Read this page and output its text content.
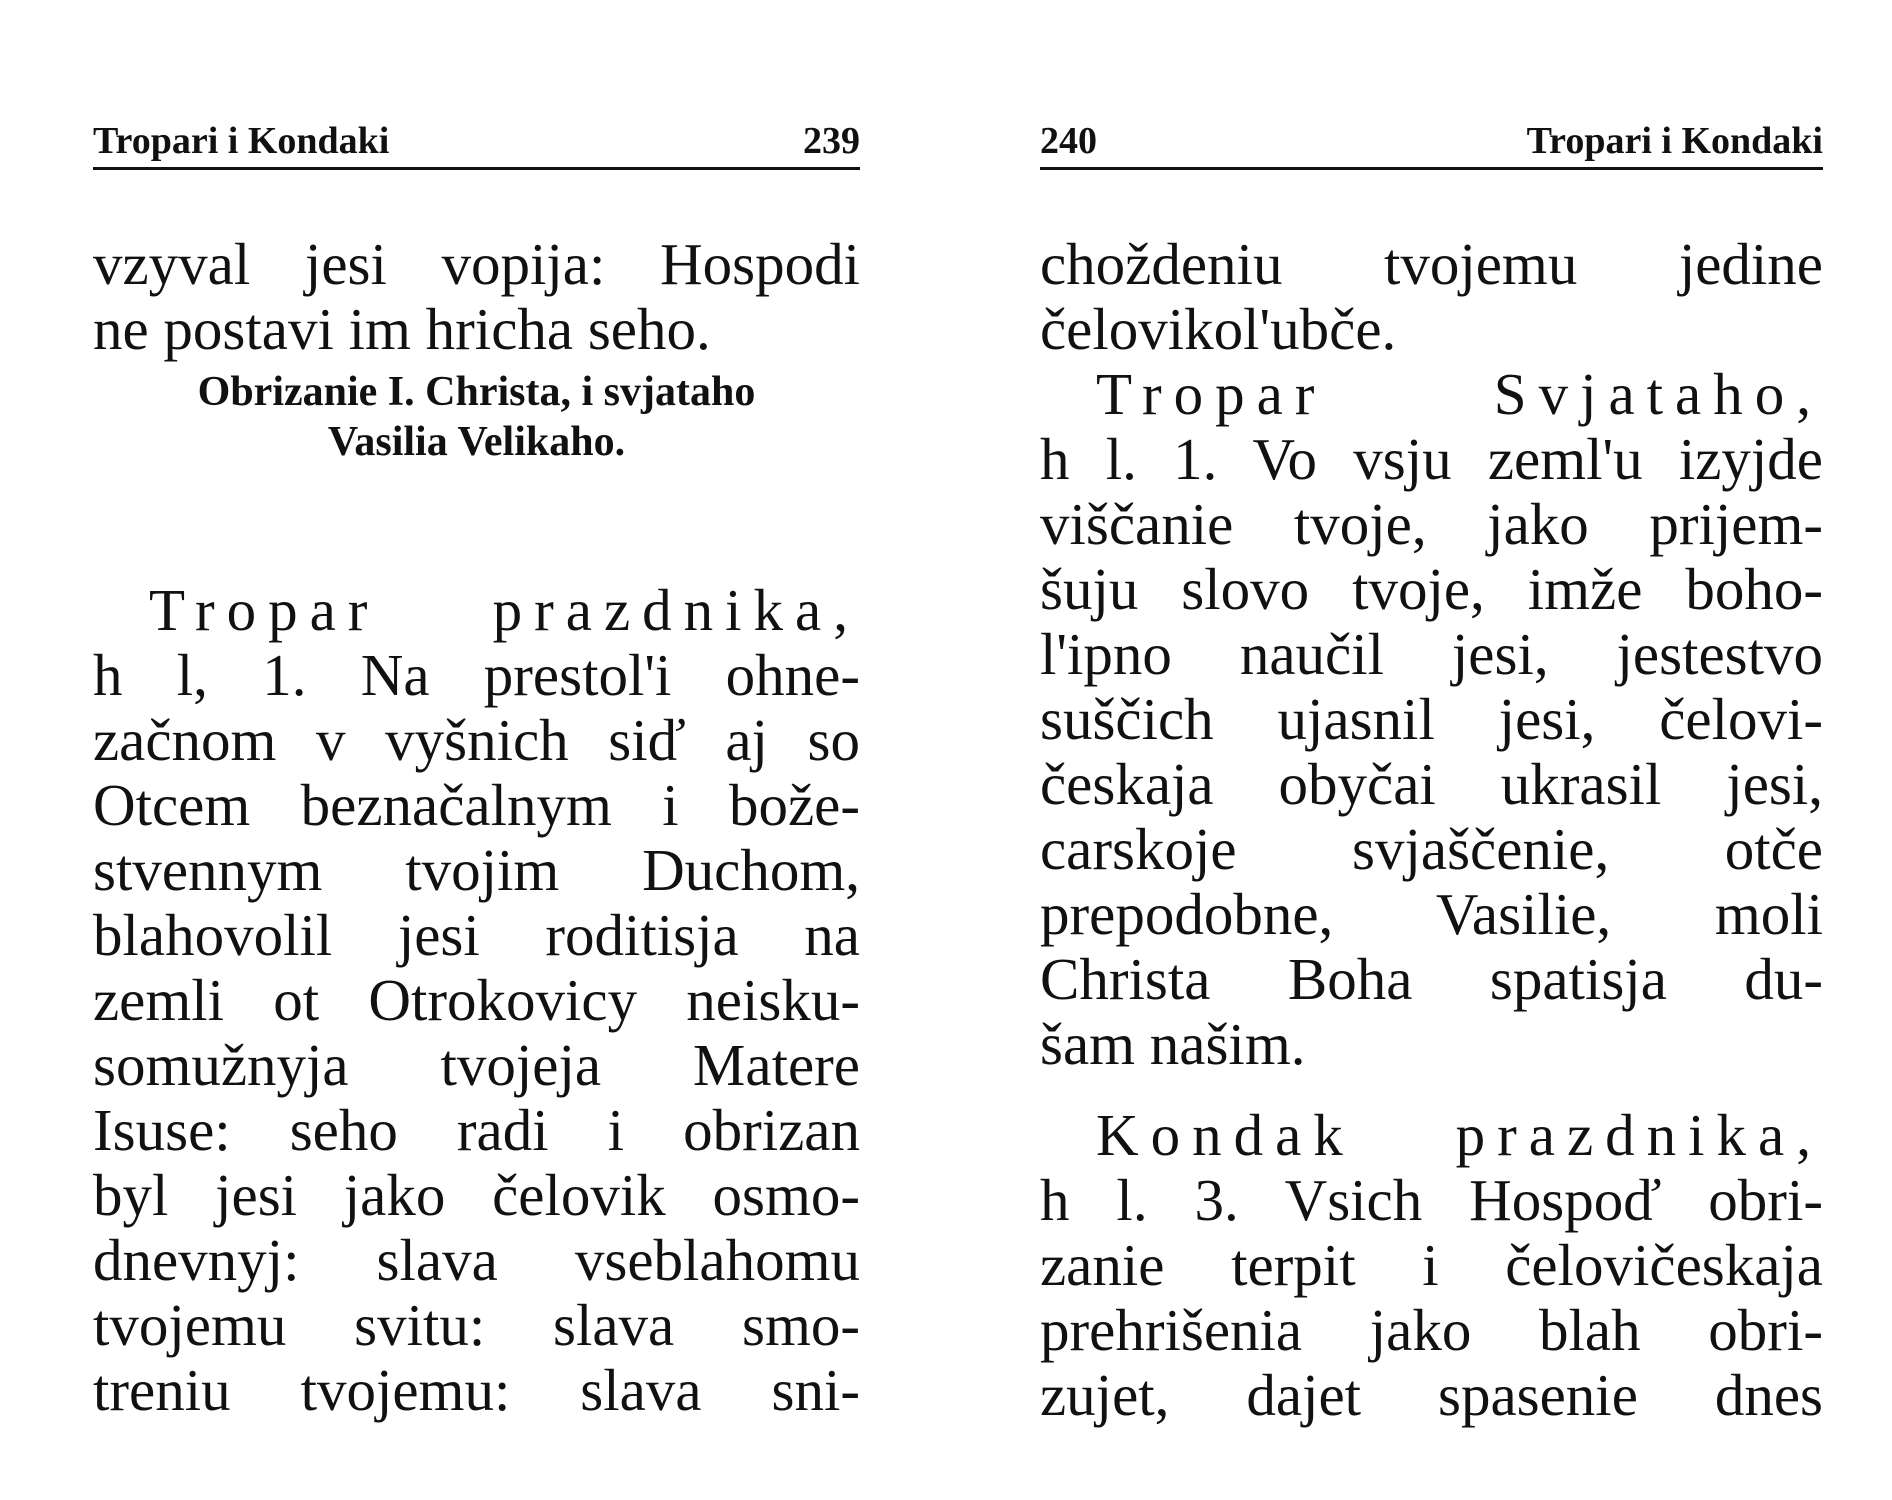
Tropari i Kondaki	239
vzyval jesi vopija: Hospodi
ne postavi im hricha seho.
Obrizanie I. Christa, i svjataho
Vasilia Velikaho.
Tropar prazdnika,
h l, 1. Na prestol'i ohne-
začnom v vyšnich siď aj so
Otcem beznačalnym i bože-
stvennym tvojim Duchom,
blahovolil jesi roditisja na
zemli ot Otrokovicy neisku-
somužnyja tvojeja Matere
Isuse: seho radi i obrizan
byl jesi jako čelovik osmo-
dnevnyj: slava vseblahomu
tvojemu svitu: slava smo-
treniu tvojemu: slava sni-
240	Tropari i Kondaki
choždeniu tvojemu jedine
čelovikol'ubče.
Tropar Svjataho,
h l. 1. Vo vsju zeml'u izyjde
viščanie tvoje, jako prijem-
šuju slovo tvoje, imže boho-
l'ipno naučil jesi, jestestvo
suščich ujasnil jesi, čelovi-
českaja obyčai ukrasil jesi,
carskoje svjaščenie, otče
prepodobne, Vasilie, moli
Christa Boha spatisja du-
šam našim.
Kondak prazdnika,
h l. 3. Vsich Hospoď obri-
zanie terpit i čelovičeskaja
prehrišenia jako blah obri-
zujet, dajet spasenie dnes
